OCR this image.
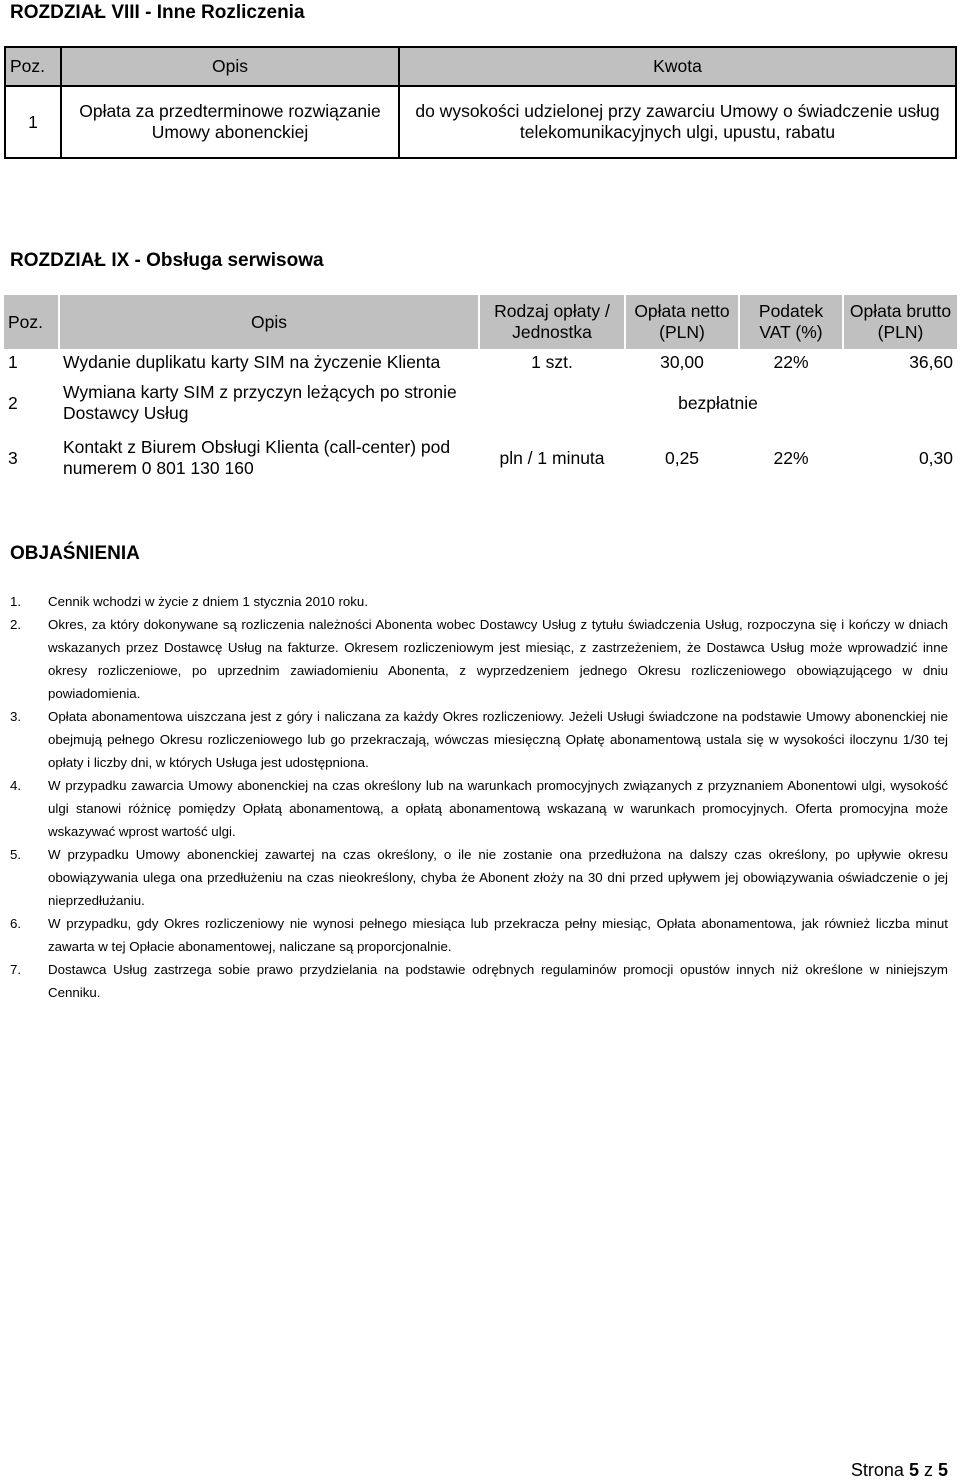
ROZDZIAŁ VIII - Inne Rozliczenia
Poz.	Opis	Kwota
1	Opłata za przedterminowe rozwiązanie Umowy abonenckiej	do wysokości udzielonej przy zawarciu Umowy o świadczenie usług telekomunikacyjnych ulgi, upustu, rabatu
ROZDZIAŁ IX - Obsługa serwisowa
Poz.	Opis	Rodzaj opłaty / Jednostka	Opłata netto (PLN)	Podatek VAT (%)	Opłata brutto (PLN)
1	Wydanie duplikatu karty SIM na życzenie Klienta	1 szt.	30,00	22%	36,60
2	Wymiana karty SIM z przyczyn leżących po stronie Dostawcy Usług	bezpłatnie			
3	Kontakt z Biurem Obsługi Klienta (call-center) pod numerem 0 801 130 160	pln / 1 minuta	0,25	22%	0,30
OBJAŚNIENIA
1.	Cennik wchodzi w życie z dniem 1 stycznia 2010 roku.
2.	Okres, za który dokonywane są rozliczenia należności Abonenta wobec Dostawcy Usług z tytułu świadczenia Usług, rozpoczyna się i kończy w dniach wskazanych przez Dostawcę Usług na fakturze. Okresem rozliczeniowym jest miesiąc, z zastrzeżeniem, że Dostawca Usług może wprowadzić inne okresy rozliczeniowe, po uprzednim zawiadomieniu Abonenta, z wyprzedzeniem jednego Okresu rozliczeniowego obowiązującego w dniu powiadomienia.
3.	Opłata abonamentowa uiszczana jest z góry i naliczana za każdy Okres rozliczeniowy. Jeżeli Usługi świadczone na podstawie Umowy abonenckiej nie obejmują pełnego Okresu rozliczeniowego lub go przekraczają, wówczas miesięczną Opłatę abonamentową ustala się w wysokości iloczynu 1/30 tej opłaty i liczby dni, w których Usługa jest udostępniona.
4.	W przypadku zawarcia Umowy abonenckiej na czas określony lub na warunkach promocyjnych związanych z przyznaniem Abonentowi ulgi, wysokość ulgi stanowi różnicę pomiędzy Opłatą abonamentową, a opłatą abonamentową wskazaną w warunkach promocyjnych. Oferta promocyjna może wskazywać wprost wartość ulgi.
5.	W przypadku Umowy abonenckiej zawartej na czas określony, o ile nie zostanie ona przedłużona na dalszy czas określony, po upływie okresu obowiązywania ulega ona przedłużeniu na czas nieokreślony, chyba że Abonent złoży na 30 dni przed upływem jej obowiązywania oświadczenie o jej nieprzedłużaniu.
6.	W przypadku, gdy Okres rozliczeniowy nie wynosi pełnego miesiąca lub przekracza pełny miesiąc, Opłata abonamentowa, jak również liczba minut zawarta w tej Opłacie abonamentowej, naliczane są proporcjonalnie.
7.	Dostawca Usług zastrzega sobie prawo przydzielania na podstawie odrębnych regulaminów promocji opustów innych niż określone w niniejszym Cenniku.
Strona 5 z 5
